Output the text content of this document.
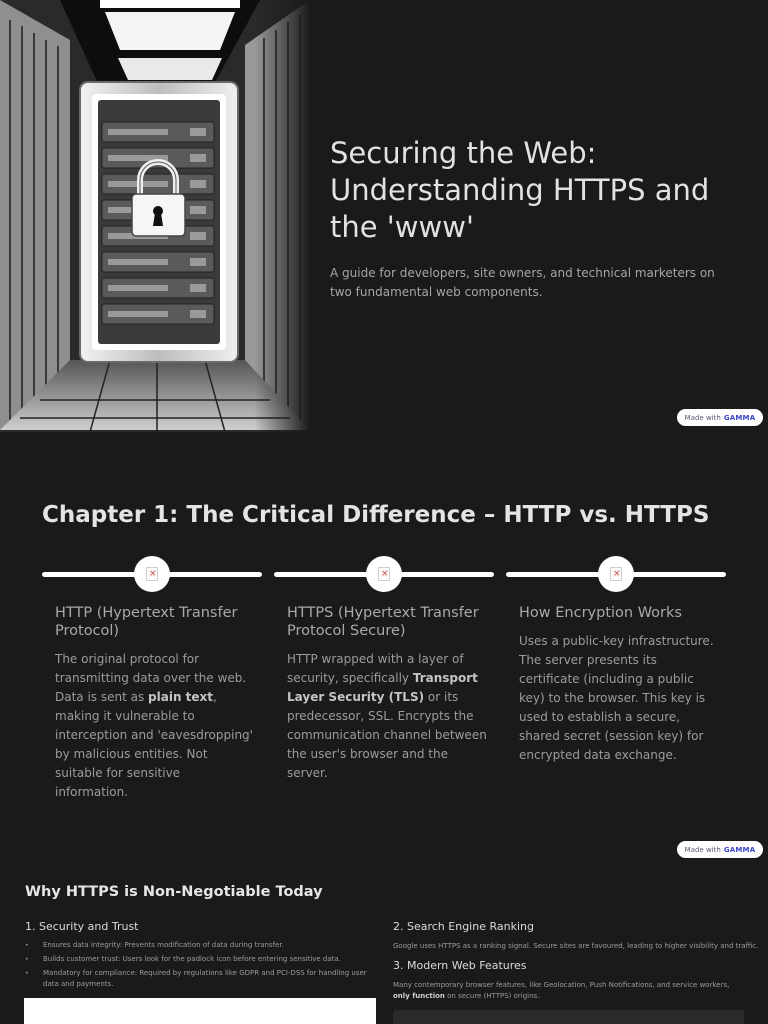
Securing the Web: Understanding HTTPS and the 'www'

A guide for developers, site owners, and technical marketers on two fundamental web components.

Made with GAMMA
Chapter 1: The Critical Difference – HTTP vs. HTTPS
×
HTTP (Hypertext Transfer Protocol)

The original protocol for transmitting data over the web. Data is sent as plain text, making it vulnerable to interception and 'eavesdropping' by malicious entities. Not suitable for sensitive information.

×
HTTPS (Hypertext Transfer Protocol Secure)

HTTP wrapped with a layer of security, specifically Transport Layer Security (TLS) or its predecessor, SSL. Encrypts the communication channel between the user's browser and the server.

×
How Encryption Works

Uses a public-key infrastructure. The server presents its certificate (including a public key) to the browser. This key is used to establish a secure, shared secret (session key) for encrypted data exchange.

Made with GAMMA
Why HTTPS is Non-Negotiable Today
1. Security and Trust
• Ensures data integrity: Prevents modification of data during transfer.
• Builds customer trust: Users look for the padlock icon before entering sensitive data.
• Mandatory for compliance: Required by regulations like GDPR and PCI-DSS for handling user data and payments.
2. Search Engine Ranking

Google uses HTTPS as a ranking signal. Secure sites are favoured, leading to higher visibility and traffic.

3. Modern Web Features

Many contemporary browser features, like Geolocation, Push Notifications, and service workers, only function on secure (HTTPS) origins.
